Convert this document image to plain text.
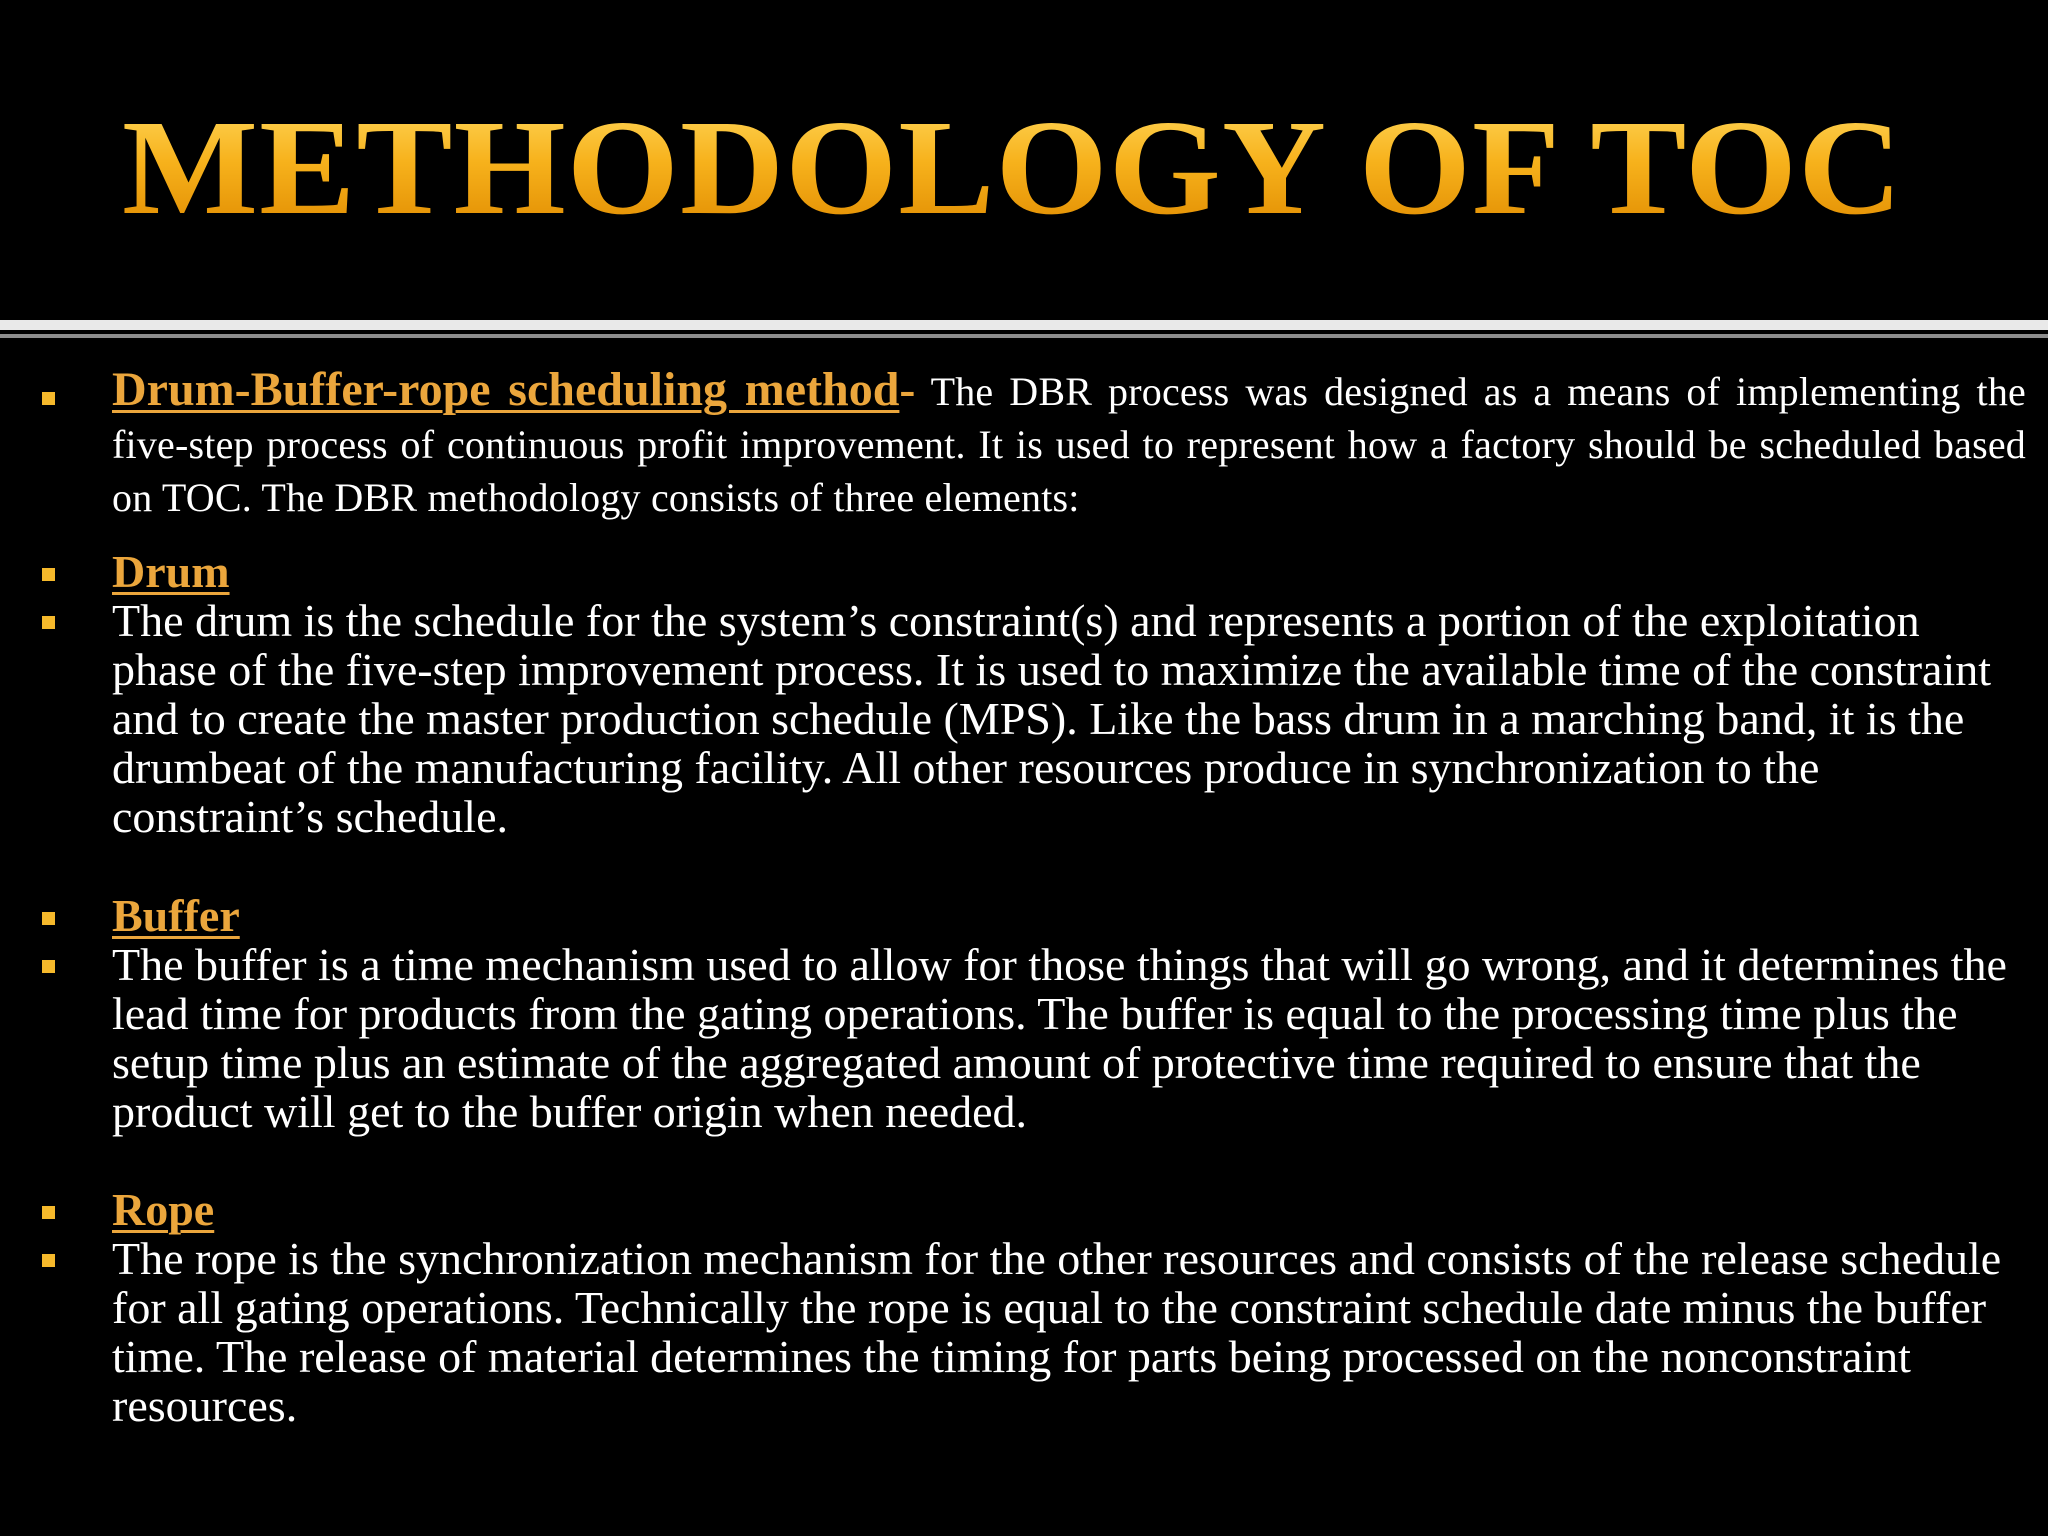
METHODOLOGY OF TOC
Drum-Buffer-rope scheduling method- The DBR process was designed as a means of implementing the five-step process of continuous profit improvement. It is used to represent how a factory should be scheduled based on TOC. The DBR methodology consists of three elements:
Drum
The drum is the schedule for the system’s constraint(s) and represents a portion of the exploitation phase of the five-step improvement process. It is used to maximize the available time of the constraint and to create the master production schedule (MPS). Like the bass drum in a marching band, it is the drumbeat of the manufacturing facility. All other resources produce in synchronization to the constraint’s schedule.
Buffer
The buffer is a time mechanism used to allow for those things that will go wrong, and it determines the lead time for products from the gating operations. The buffer is equal to the processing time plus the setup time plus an estimate of the aggregated amount of protective time required to ensure that the product will get to the buffer origin when needed.
Rope
The rope is the synchronization mechanism for the other resources and consists of the release schedule for all gating operations. Technically the rope is equal to the constraint schedule date minus the buffer time. The release of material determines the timing for parts being processed on the nonconstraint resources.
